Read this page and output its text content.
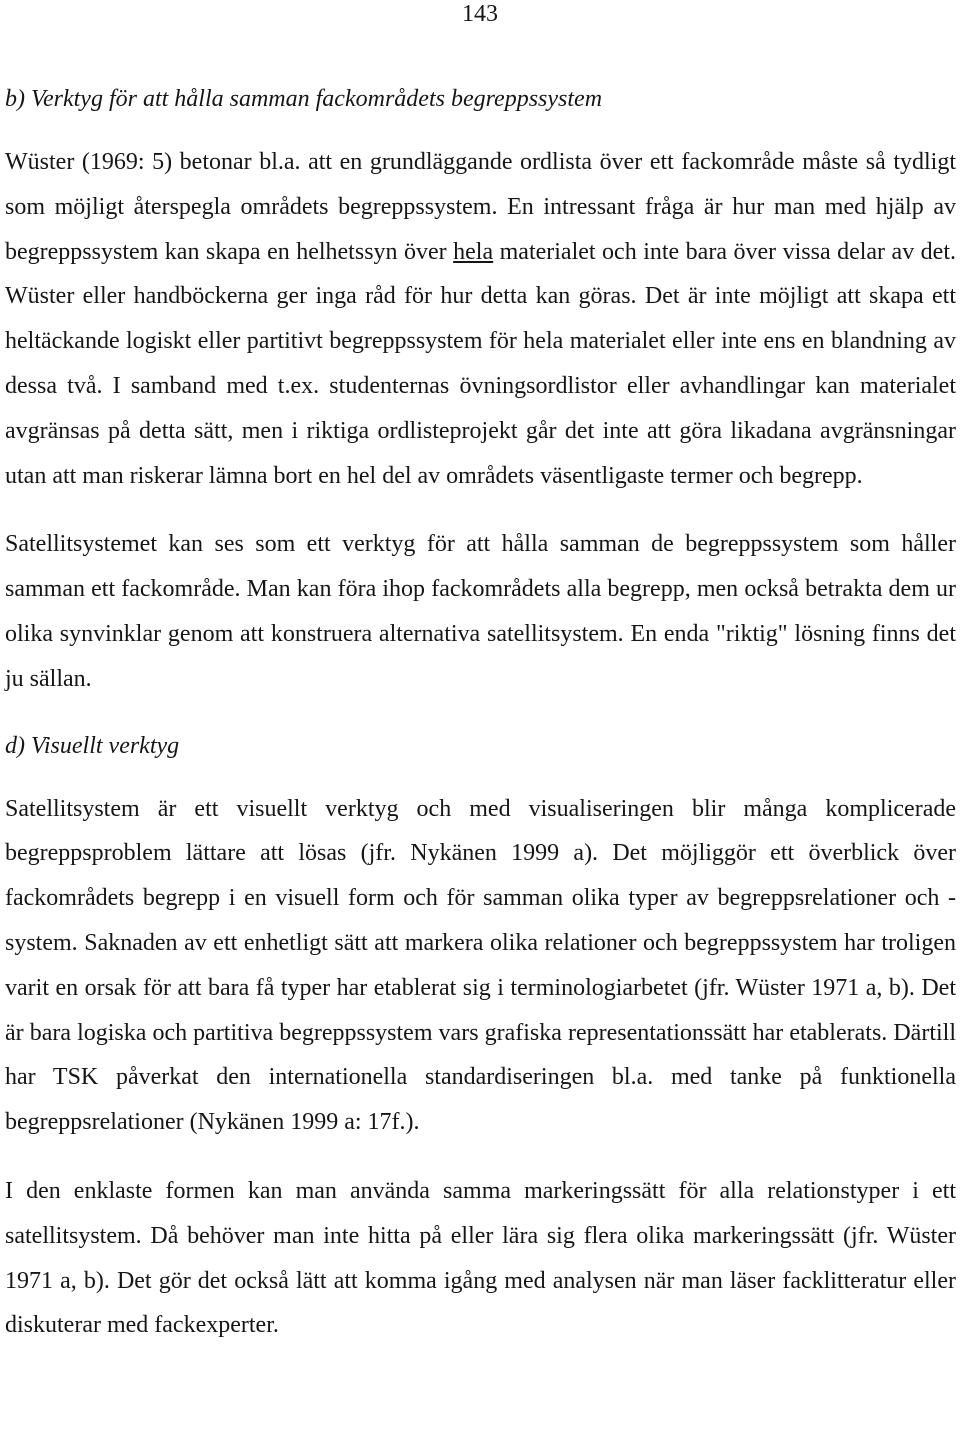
143
b) Verktyg för att hålla samman fackområdets begreppssystem

Wüster (1969: 5) betonar bl.a. att en grundläggande ordlista över ett fackområde måste så tydligt som möjligt återspegla områdets begreppssystem. En intressant fråga är hur man med hjälp av begreppssystem kan skapa en helhetssyn över hela materialet och inte bara över vissa delar av det. Wüster eller handböckerna ger inga råd för hur detta kan göras. Det är inte möjligt att skapa ett heltäckande logiskt eller partitivt begreppssystem för hela materialet eller inte ens en blandning av dessa två. I samband med t.ex. studenternas övningsordlistor eller avhandlingar kan materialet avgränsas på detta sätt, men i riktiga ordlisteprojekt går det inte att göra likadana avgränsningar utan att man riskerar lämna bort en hel del av områdets väsentligaste termer och begrepp.

Satellitsystemet kan ses som ett verktyg för att hålla samman de begreppssystem som håller samman ett fackområde. Man kan föra ihop fackområdets alla begrepp, men också betrakta dem ur olika synvinklar genom att konstruera alternativa satellitsystem. En enda "riktig" lösning finns det ju sällan.

d) Visuellt verktyg

Satellitsystem är ett visuellt verktyg och med visualiseringen blir många komplicerade begreppsproblem lättare att lösas (jfr. Nykänen 1999 a). Det möjliggör ett överblick över fackområdets begrepp i en visuell form och för samman olika typer av begreppsrelationer och -system. Saknaden av ett enhetligt sätt att markera olika relationer och begreppssystem har troligen varit en orsak för att bara få typer har etablerat sig i terminologiarbetet (jfr. Wüster 1971 a, b). Det är bara logiska och partitiva begreppssystem vars grafiska representationssätt har etablerats. Därtill har TSK påverkat den internationella standardiseringen bl.a. med tanke på funktionella begreppsrelationer (Nykänen 1999 a: 17f.).

I den enklaste formen kan man använda samma markeringssätt för alla relationstyper i ett satellitsystem. Då behöver man inte hitta på eller lära sig flera olika markeringssätt (jfr. Wüster 1971 a, b). Det gör det också lätt att komma igång med analysen när man läser facklitteratur eller diskuterar med fackexperter.
